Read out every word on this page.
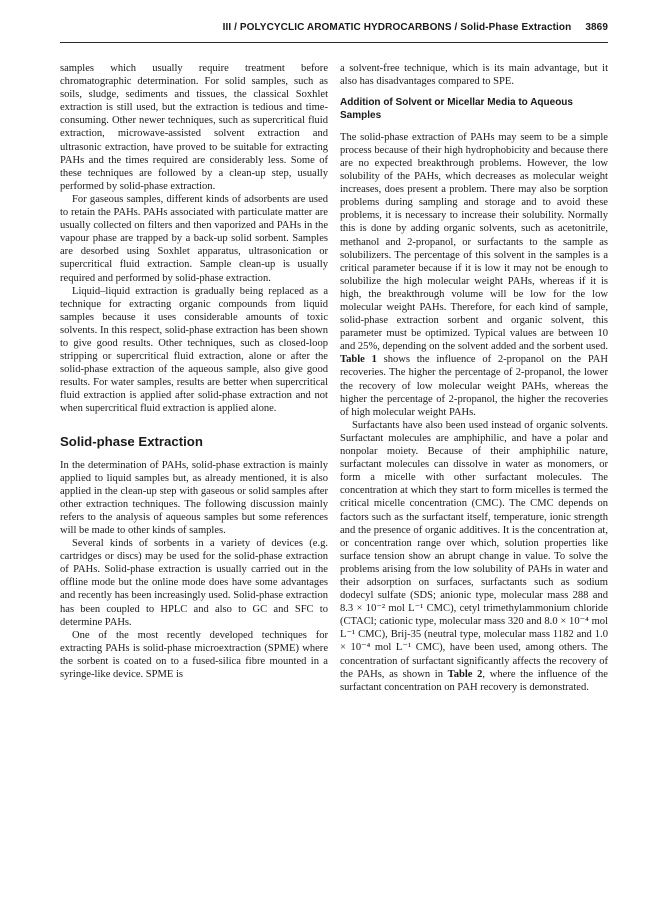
III / POLYCYCLIC AROMATIC HYDROCARBONS / Solid-Phase Extraction 3869

samples which usually require treatment before chromatographic determination. For solid samples, such as soils, sludge, sediments and tissues, the classical Soxhlet extraction is still used, but the extraction is tedious and time-consuming. Other newer techniques, such as supercritical fluid extraction, microwave-assisted solvent extraction and ultrasonic extraction, have proved to be suitable for extracting PAHs and the times required are considerably less. Some of these techniques are followed by a clean-up step, usually performed by solid-phase extraction.

For gaseous samples, different kinds of adsorbents are used to retain the PAHs. PAHs associated with particulate matter are usually collected on filters and then vaporized and PAHs in the vapour phase are trapped by a back-up solid sorbent. Samples are desorbed using Soxhlet apparatus, ultrasonication or supercritical fluid extraction. Sample clean-up is usually required and performed by solid-phase extraction.

Liquid–liquid extraction is gradually being replaced as a technique for extracting organic compounds from liquid samples because it uses considerable amounts of toxic solvents. In this respect, solid-phase extraction has been shown to give good results. Other techniques, such as closed-loop stripping or supercritical fluid extraction, alone or after the solid-phase extraction of the aqueous sample, also give good results. For water samples, results are better when supercritical fluid extraction is applied after solid-phase extraction and not when supercritical fluid extraction is applied alone.

Solid-phase Extraction

In the determination of PAHs, solid-phase extraction is mainly applied to liquid samples but, as already mentioned, it is also applied in the clean-up step with gaseous or solid samples after other extraction techniques. The following discussion mainly refers to the analysis of aqueous samples but some references will be made to other kinds of samples.

Several kinds of sorbents in a variety of devices (e.g. cartridges or discs) may be used for the solid-phase extraction of PAHs. Solid-phase extraction is usually carried out in the offline mode but the online mode does have some advantages and recently has been increasingly used. Solid-phase extraction has been coupled to HPLC and also to GC and SFC to determine PAHs.

One of the most recently developed techniques for extracting PAHs is solid-phase microextraction (SPME) where the sorbent is coated on to a fused-silica fibre mounted in a syringe-like device. SPME is

a solvent-free technique, which is its main advantage, but it also has disadvantages compared to SPE.

Addition of Solvent or Micellar Media to Aqueous Samples

The solid-phase extraction of PAHs may seem to be a simple process because of their high hydrophobicity and because there are no expected breakthrough problems. However, the low solubility of the PAHs, which decreases as molecular weight increases, does present a problem. There may also be sorption problems during sampling and storage and to avoid these problems, it is necessary to increase their solubility. Normally this is done by adding organic solvents, such as acetonitrile, methanol and 2-propanol, or surfactants to the sample as solubilizers. The percentage of this solvent in the samples is a critical parameter because if it is low it may not be enough to solubilize the high molecular weight PAHs, whereas if it is high, the breakthrough volume will be low for the low molecular weight PAHs. Therefore, for each kind of sample, solid-phase extraction sorbent and organic solvent, this parameter must be optimized. Typical values are between 10 and 25%, depending on the solvent added and the sorbent used. Table 1 shows the influence of 2-propanol on the PAH recoveries. The higher the percentage of 2-propanol, the lower the recovery of low molecular weight PAHs, whereas the higher the percentage of 2-propanol, the higher the recoveries of high molecular weight PAHs.

Surfactants have also been used instead of organic solvents. Surfactant molecules are amphiphilic, and have a polar and nonpolar moiety. Because of their amphiphilic nature, surfactant molecules can dissolve in water as monomers, or form a micelle with other surfactant molecules. The concentration at which they start to form micelles is termed the critical micelle concentration (CMC). The CMC depends on factors such as the surfactant itself, temperature, ionic strength and the presence of organic additives. It is the concentration at, or concentration range over which, solution properties like surface tension show an abrupt change in value. To solve the problems arising from the low solubility of PAHs in water and their adsorption on surfaces, surfactants such as sodium dodecyl sulfate (SDS; anionic type, molecular mass 288 and 8.3 × 10⁻² mol L⁻¹ CMC), cetyl trimethylammonium chloride (CTACl; cationic type, molecular mass 320 and 8.0 × 10⁻⁴ mol L⁻¹ CMC), Brij-35 (neutral type, molecular mass 1182 and 1.0 × 10⁻⁴ mol L⁻¹ CMC), have been used, among others. The concentration of surfactant significantly affects the recovery of the PAHs, as shown in Table 2, where the influence of the surfactant concentration on PAH recovery is demonstrated.
